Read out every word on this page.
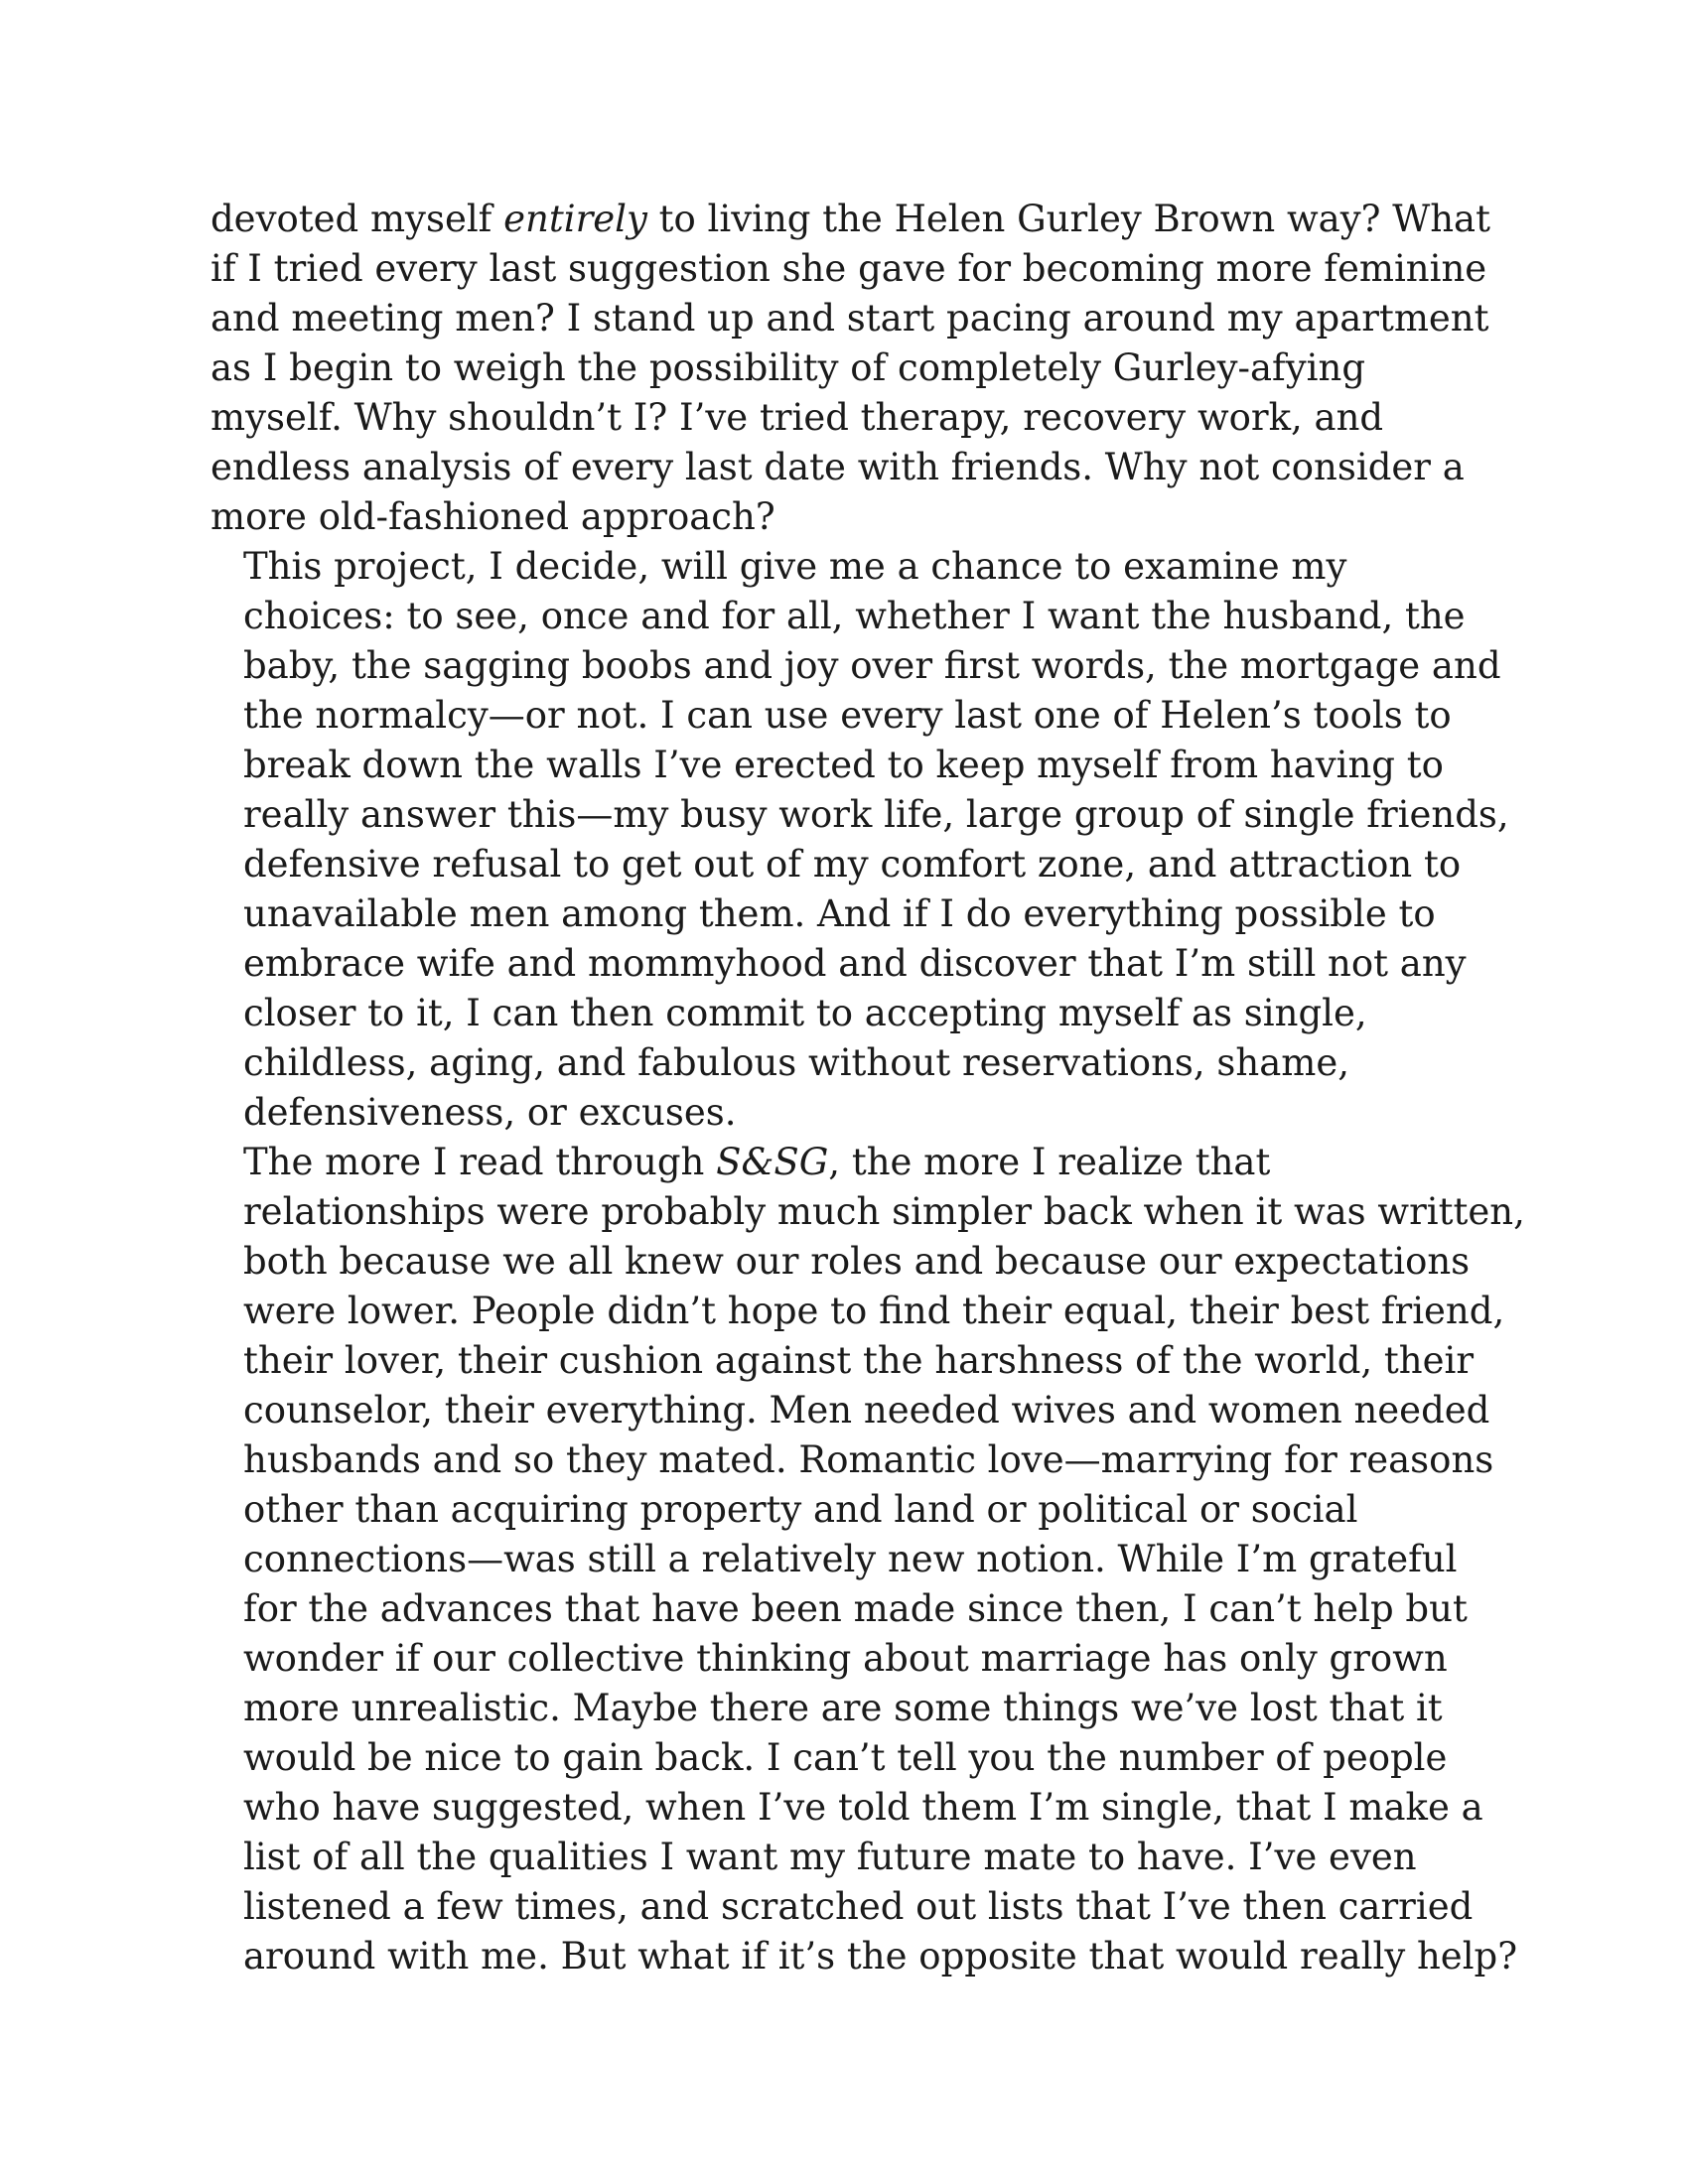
devoted myself entirely to living the Helen Gurley Brown way? What
if I tried every last suggestion she gave for becoming more feminine
and meeting men? I stand up and start pacing around my apartment
as I begin to weigh the possibility of completely Gurley-afying
myself. Why shouldn’t I? I’ve tried therapy, recovery work, and
endless analysis of every last date with friends. Why not consider a
more old-fashioned approach?

This project, I decide, will give me a chance to examine my
choices: to see, once and for all, whether I want the husband, the
baby, the sagging boobs and joy over first words, the mortgage and
the normalcy—or not. I can use every last one of Helen’s tools to
break down the walls I’ve erected to keep myself from having to
really answer this—my busy work life, large group of single friends,
defensive refusal to get out of my comfort zone, and attraction to
unavailable men among them. And if I do everything possible to
embrace wife and mommyhood and discover that I’m still not any
closer to it, I can then commit to accepting myself as single,
childless, aging, and fabulous without reservations, shame,
defensiveness, or excuses.

The more I read through S&SG, the more I realize that
relationships were probably much simpler back when it was written,
both because we all knew our roles and because our expectations
were lower. People didn’t hope to find their equal, their best friend,
their lover, their cushion against the harshness of the world, their
counselor, their everything. Men needed wives and women needed
husbands and so they mated. Romantic love—marrying for reasons
other than acquiring property and land or political or social
connections—was still a relatively new notion. While I’m grateful
for the advances that have been made since then, I can’t help but
wonder if our collective thinking about marriage has only grown
more unrealistic. Maybe there are some things we’ve lost that it
would be nice to gain back. I can’t tell you the number of people
who have suggested, when I’ve told them I’m single, that I make a
list of all the qualities I want my future mate to have. I’ve even
listened a few times, and scratched out lists that I’ve then carried
around with me. But what if it’s the opposite that would really help?
